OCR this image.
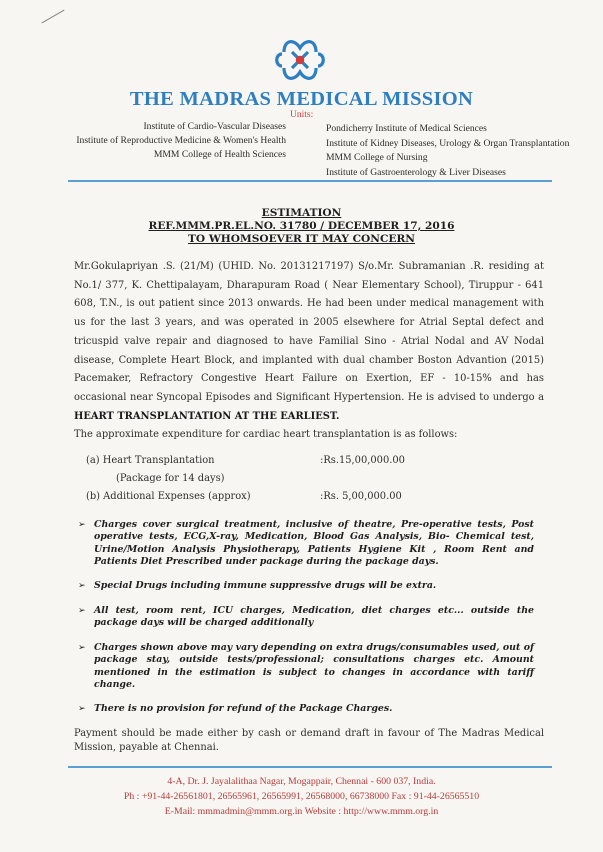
THE MADRAS MEDICAL MISSION
Units:
Institute of Cardio-Vascular Diseases
Institute of Reproductive Medicine & Women's Health
MMM College of Health Sciences
Pondicherry Institute of Medical Sciences
Institute of Kidney Diseases, Urology & Organ Transplantation
MMM College of Nursing
Institute of Gastroenterology & Liver Diseases
ESTIMATION
REF.MMM.PR.EL.NO. 31780 / DECEMBER 17, 2016
TO WHOMSOEVER IT MAY CONCERN
Mr.Gokulapriyan .S. (21/M) (UHID. No. 20131217197) S/o.Mr. Subramanian .R. residing at No.1/ 377, K. Chettipalayam, Dharapuram Road ( Near Elementary School), Tiruppur - 641 608, T.N., is out patient since 2013 onwards. He had been under medical management with us for the last 3 years, and was operated in 2005 elsewhere for Atrial Septal defect and tricuspid valve repair and diagnosed to have Familial Sino - Atrial Nodal and AV Nodal disease, Complete Heart Block, and implanted with dual chamber Boston Advantion (2015) Pacemaker, Refractory Congestive Heart Failure on Exertion, EF - 10-15% and has occasional near Syncopal Episodes and Significant Hypertension. He is advised to undergo a HEART TRANSPLANTATION AT THE EARLIEST.
The approximate expenditure for cardiac heart transplantation is as follows:
(a) Heart Transplantation	:Rs.15,00,000.00
(Package for 14 days)
(b) Additional Expenses (approx)	:Rs. 5,00,000.00
➢ Charges cover surgical treatment, inclusive of theatre, Pre-operative tests, Post operative tests, ECG,X-ray, Medication, Blood Gas Analysis, Bio- Chemical test, Urine/Motion Analysis Physiotherapy, Patients Hygiene Kit , Room Rent and Patients Diet Prescribed under package during the package days.
➢ Special Drugs including immune suppressive drugs will be extra.
➢ All test, room rent, ICU charges, Medication, diet charges etc... outside the package days will be charged additionally
➢ Charges shown above may vary depending on extra drugs/consumables used, out of package stay, outside tests/professional; consultations charges etc. Amount mentioned in the estimation is subject to changes in accordance with tariff change.
➢ There is no provision for refund of the Package Charges.
Payment should be made either by cash or demand draft in favour of The Madras Medical Mission, payable at Chennai.
4-A, Dr. J. Jayalalithaa Nagar, Mogappair, Chennai - 600 037, India.
Ph : +91-44-26561801, 26565961, 26565991, 26568000, 66738000 Fax : 91-44-26565510
E-Mail: mmmadmin@mmm.org.in Website : http://www.mmm.org.in
